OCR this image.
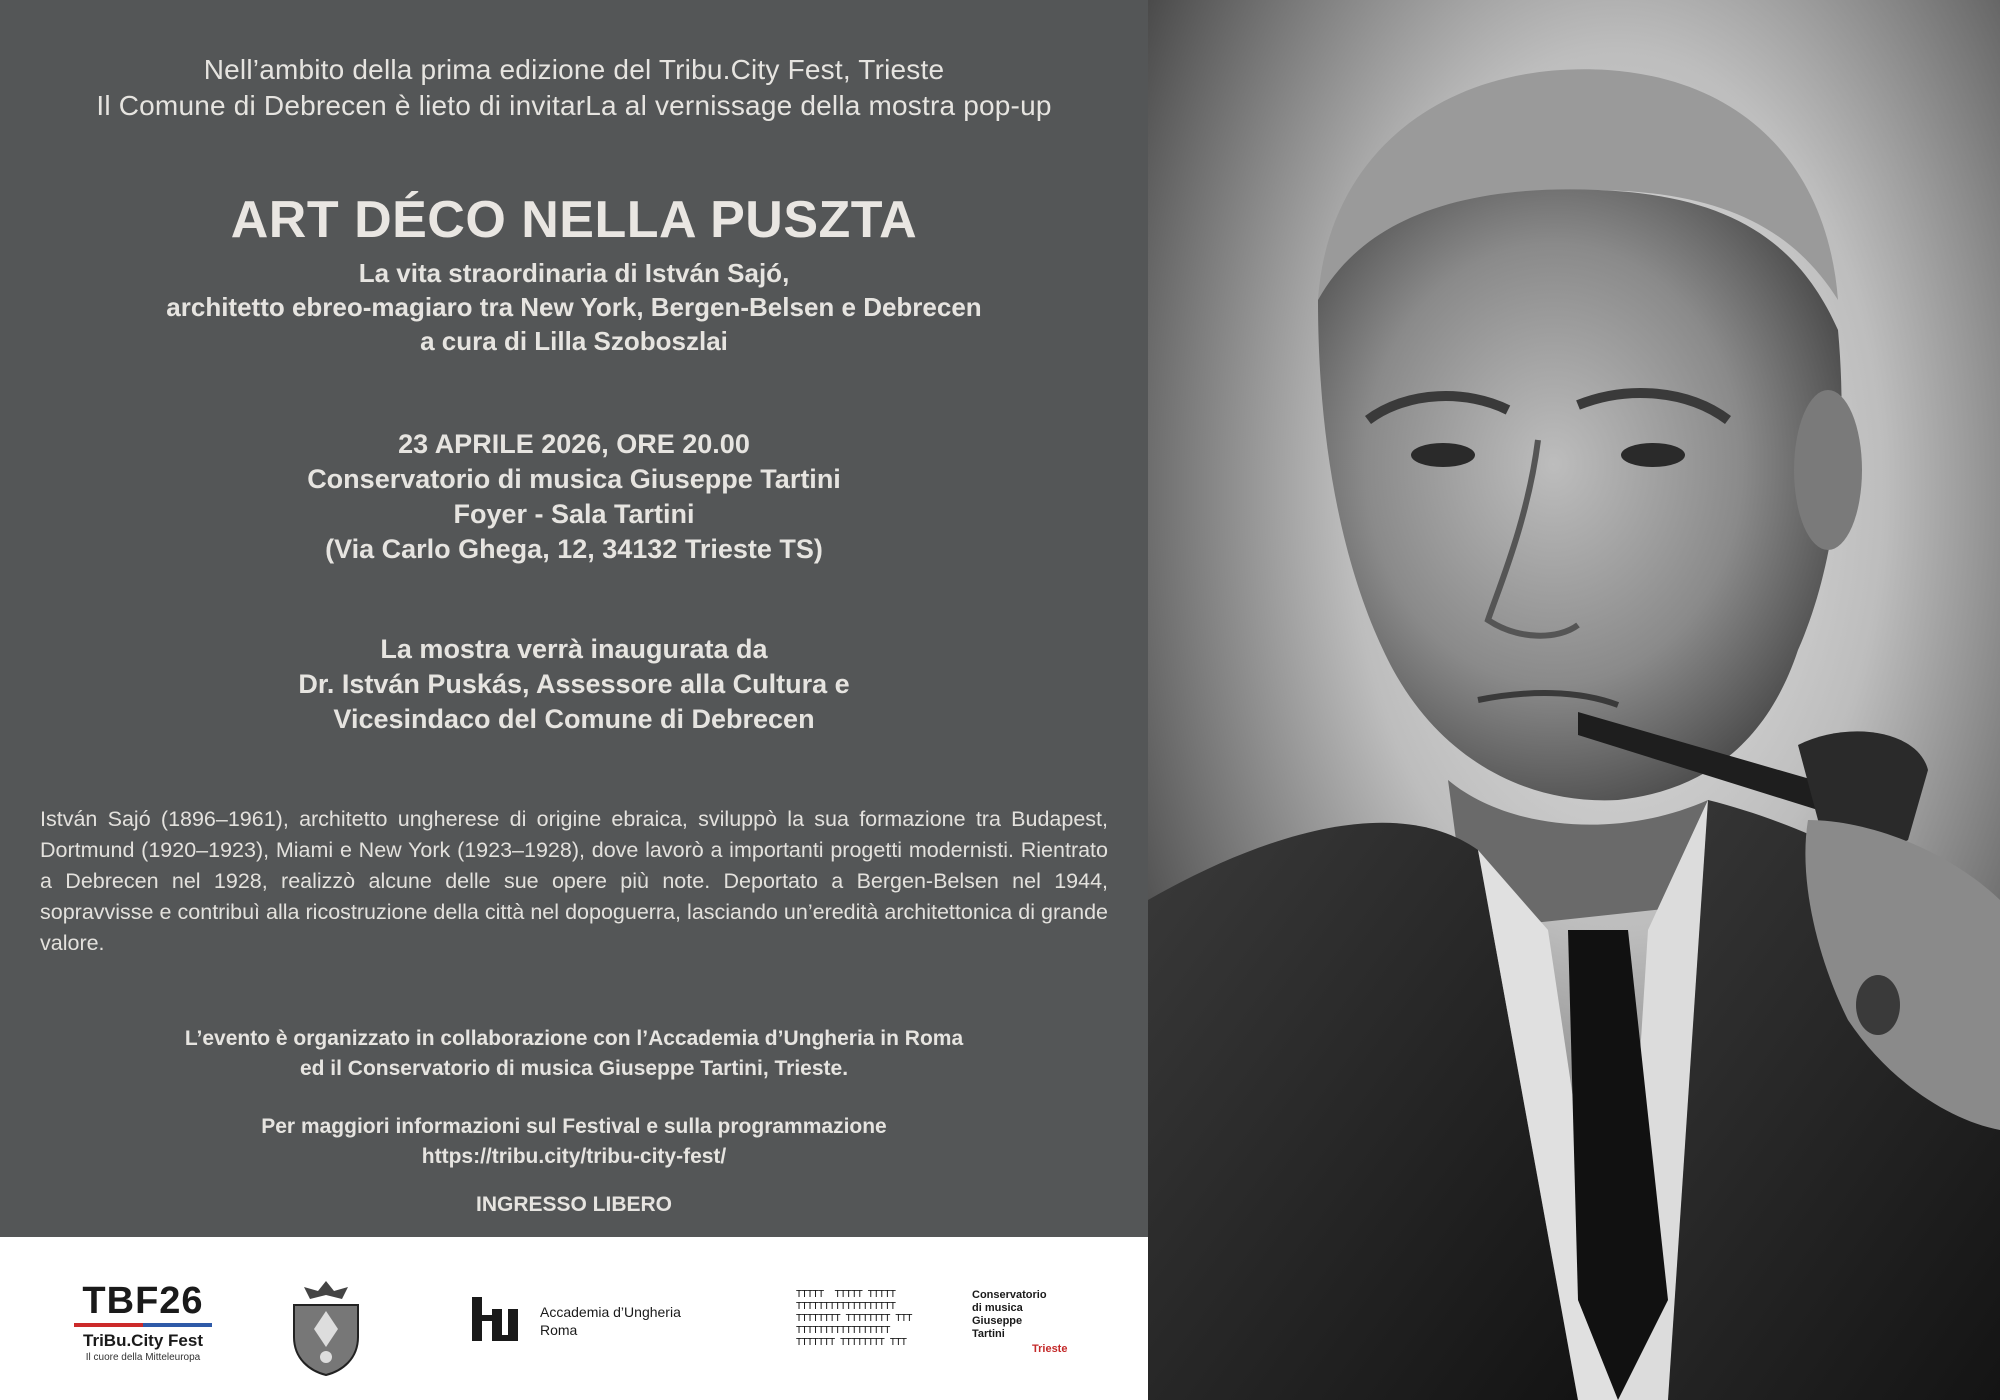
Nell’ambito della prima edizione del Tribu.City Fest, Trieste
Il Comune di Debrecen è lieto di invitarLa al vernissage della mostra pop-up
ART DÉCO NELLA PUSZTA
La vita straordinaria di István Sajó,
architetto ebreo-magiaro tra New York, Bergen-Belsen e Debrecen
a cura di Lilla Szoboszlai
23 APRILE 2026, ORE 20.00
Conservatorio di musica Giuseppe Tartini
Foyer - Sala Tartini
(Via Carlo Ghega, 12, 34132 Trieste TS)
La mostra verrà inaugurata da
Dr. István Puskás, Assessore alla Cultura e
Vicesindaco del Comune di Debrecen
István Sajó (1896–1961), architetto ungherese di origine ebraica, sviluppò la sua formazione tra Budapest, Dortmund (1920–1923), Miami e New York (1923–1928), dove lavorò a importanti progetti modernisti. Rientrato a Debrecen nel 1928, realizzò alcune delle sue opere più note. Deportato a Bergen-Belsen nel 1944, sopravvisse e contribuì alla ricostruzione della città nel dopoguerra, lasciando un’eredità architettonica di grande valore.
L’evento è organizzato in collaborazione con l’Accademia d’Ungheria in Roma
ed il Conservatorio di musica Giuseppe Tartini, Trieste.
Per maggiori informazioni sul Festival e sulla programmazione
https://tribu.city/tribu-city-fest/
INGRESSO LIBERO
TBF26
TriBu.City Fest
Il cuore della Mitteleuropa
Accademia d’Ungheria
Roma
TTTTT  TTTTT TTTTT
TTTTTTTTTTTTTTTTTT
TTTTTTTT TTTTTTTT TTT
TTTTTTTTTTTTTTTTT
TTTTTTT TTTTTTTT TTT
Conservatorio
di musica
Giuseppe
Tartini
Trieste
